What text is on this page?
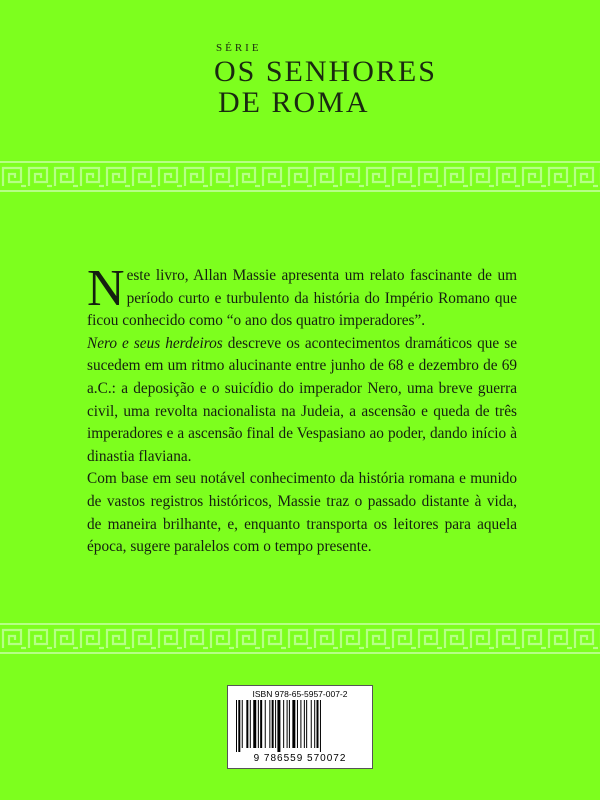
SÉRIE
OS SENHORES
DE ROMA

Neste livro, Allan Massie apresenta um relato fascinante de um período curto e turbulento da história do Império Romano que ficou conhecido como “o ano dos quatro imperadores”.

Nero e seus herdeiros descreve os acontecimentos dramáticos que se sucedem em um ritmo alucinante entre junho de 68 e dezembro de 69 a.C.: a deposição e o suicídio do imperador Nero, uma breve guerra civil, uma revolta nacionalista na Judeia, a ascensão e queda de três imperadores e a ascensão final de Vespasiano ao poder, dando início à dinastia flaviana.

Com base em seu notável conhecimento da história romana e munido de vastos registros históricos, Massie traz o passado distante à vida, de maneira brilhante, e, enquanto transporta os leitores para aquela época, sugere paralelos com o tempo presente.

ISBN 978-65-5957-007-2
9 786559 570072
